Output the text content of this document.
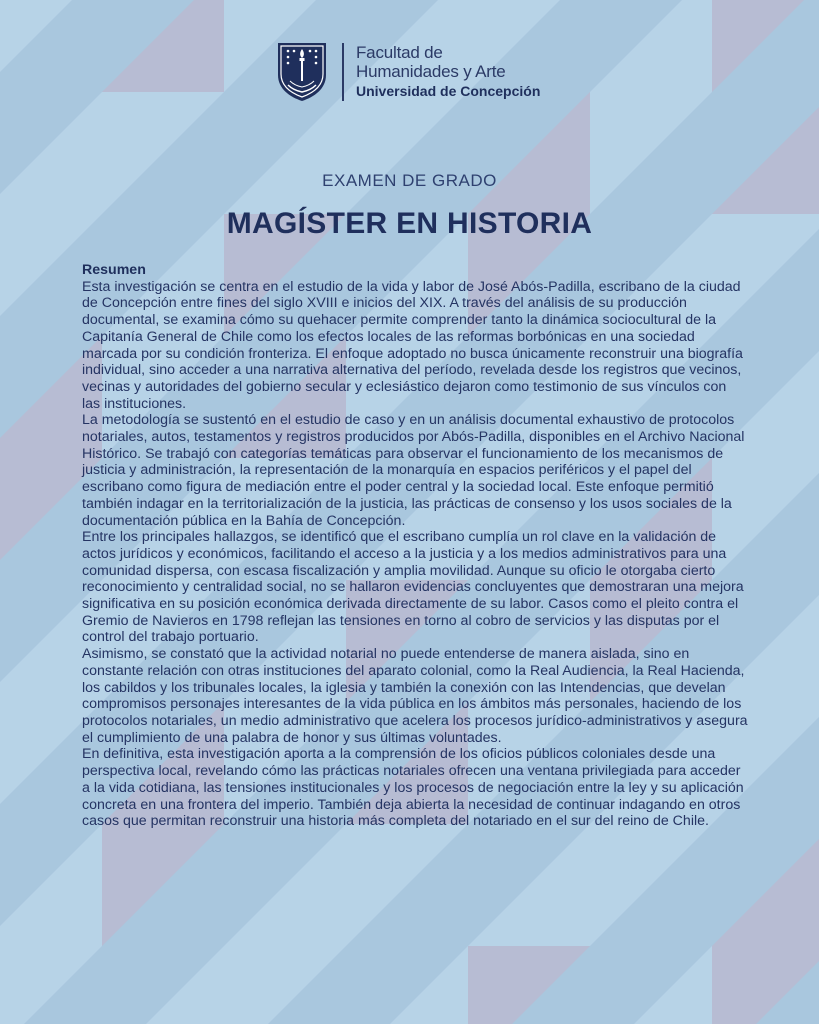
Facultad de
Humanidades y Arte
Universidad de Concepción
EXAMEN DE GRADO
MAGÍSTER EN HISTORIA
Resumen

Esta investigación se centra en el estudio de la vida y labor de José Abós-Padilla, escribano de la ciudad de Concepción entre fines del siglo XVIII e inicios del XIX. A través del análisis de su producción documental, se examina cómo su quehacer permite comprender tanto la dinámica sociocultural de la Capitanía General de Chile como los efectos locales de las reformas borbónicas en una sociedad marcada por su condición fronteriza. El enfoque adoptado no busca únicamente reconstruir una biografía individual, sino acceder a una narrativa alternativa del período, revelada desde los registros que vecinos, vecinas y autoridades del gobierno secular y eclesiástico dejaron como testimonio de sus vínculos con las instituciones.

La metodología se sustentó en el estudio de caso y en un análisis documental exhaustivo de protocolos notariales, autos, testamentos y registros producidos por Abós-Padilla, disponibles en el Archivo Nacional Histórico. Se trabajó con categorías temáticas para observar el funcionamiento de los mecanismos de justicia y administración, la representación de la monarquía en espacios periféricos y el papel del escribano como figura de mediación entre el poder central y la sociedad local. Este enfoque permitió también indagar en la territorialización de la justicia, las prácticas de consenso y los usos sociales de la documentación pública en la Bahía de Concepción.

Entre los principales hallazgos, se identificó que el escribano cumplía un rol clave en la validación de actos jurídicos y económicos, facilitando el acceso a la justicia y a los medios administrativos para una comunidad dispersa, con escasa fiscalización y amplia movilidad. Aunque su oficio le otorgaba cierto reconocimiento y centralidad social, no se hallaron evidencias concluyentes que demostraran una mejora significativa en su posición económica derivada directamente de su labor. Casos como el pleito contra el Gremio de Navieros en 1798 reflejan las tensiones en torno al cobro de servicios y las disputas por el control del trabajo portuario.

Asimismo, se constató que la actividad notarial no puede entenderse de manera aislada, sino en constante relación con otras instituciones del aparato colonial, como la Real Audiencia, la Real Hacienda, los cabildos y los tribunales locales, la iglesia y también la conexión con las Intendencias, que develan compromisos personajes interesantes de la vida pública en los ámbitos más personales, haciendo de los protocolos notariales, un medio administrativo que acelera los procesos jurídico-administrativos y asegura el cumplimiento de una palabra de honor y sus últimas voluntades.

En definitiva, esta investigación aporta a la comprensión de los oficios públicos coloniales desde una perspectiva local, revelando cómo las prácticas notariales ofrecen una ventana privilegiada para acceder a la vida cotidiana, las tensiones institucionales y los procesos de negociación entre la ley y su aplicación concreta en una frontera del imperio. También deja abierta la necesidad de continuar indagando en otros casos que permitan reconstruir una historia más completa del notariado en el sur del reino de Chile.
